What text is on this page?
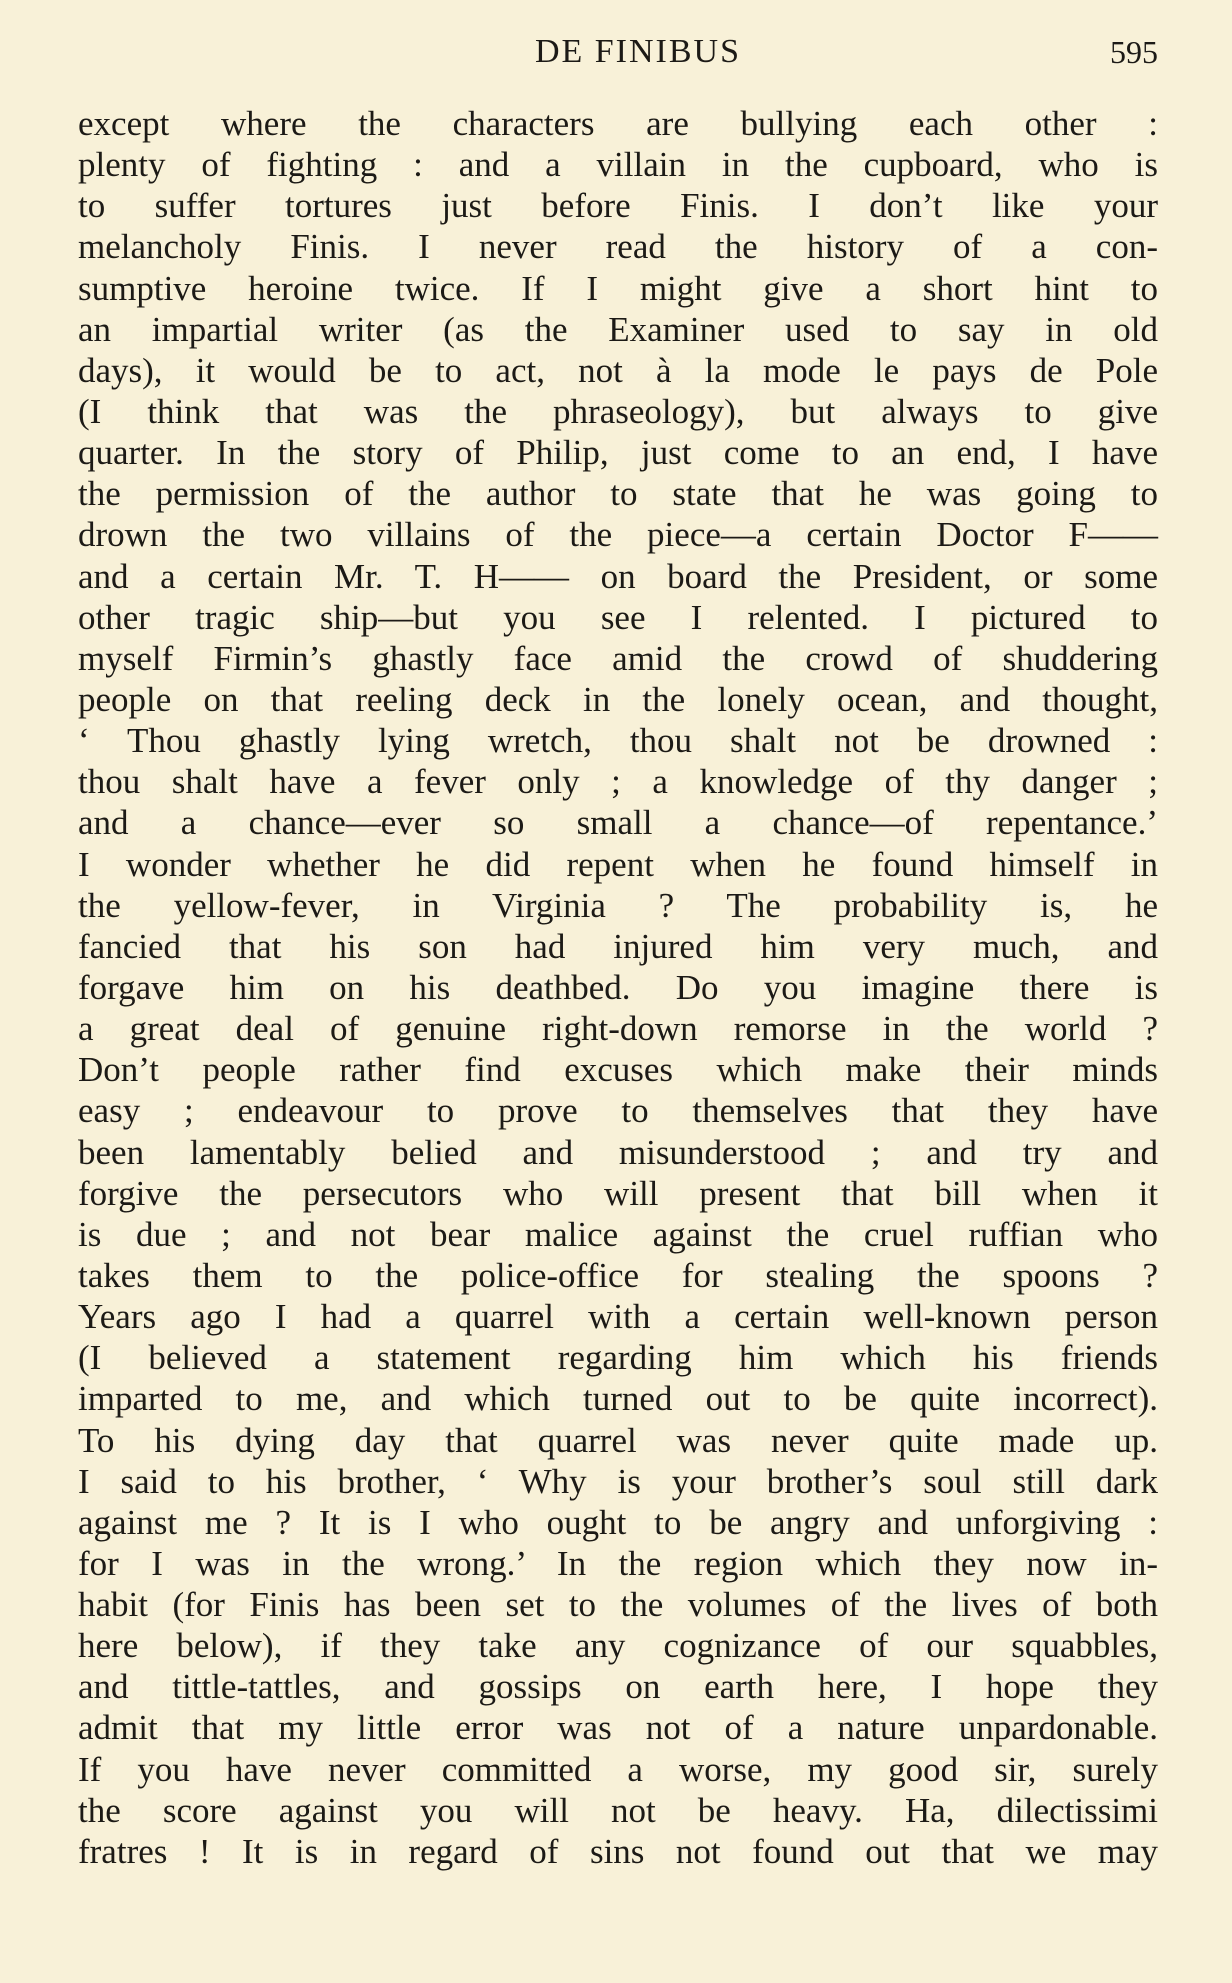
DE FINIBUS	595
except where the characters are bullying each other :
plenty of fighting : and a villain in the cupboard, who is
to suffer tortures just before Finis. I don’t like your
melancholy Finis. I never read the history of a con-
sumptive heroine twice. If I might give a short hint to
an impartial writer (as the Examiner used to say in old
days), it would be to act, not à la mode le pays de Pole
(I think that was the phraseology), but always to give
quarter. In the story of Philip, just come to an end, I have
the permission of the author to state that he was going to
drown the two villains of the piece—a certain Doctor F——
and a certain Mr. T. H—— on board the President, or some
other tragic ship—but you see I relented. I pictured to
myself Firmin’s ghastly face amid the crowd of shuddering
people on that reeling deck in the lonely ocean, and thought,
‘ Thou ghastly lying wretch, thou shalt not be drowned :
thou shalt have a fever only ; a knowledge of thy danger ;
and a chance—ever so small a chance—of repentance.’
I wonder whether he did repent when he found himself in
the yellow-fever, in Virginia ? The probability is, he
fancied that his son had injured him very much, and
forgave him on his deathbed. Do you imagine there is
a great deal of genuine right-down remorse in the world ?
Don’t people rather find excuses which make their minds
easy ; endeavour to prove to themselves that they have
been lamentably belied and misunderstood ; and try and
forgive the persecutors who will present that bill when it
is due ; and not bear malice against the cruel ruffian who
takes them to the police-office for stealing the spoons ?
Years ago I had a quarrel with a certain well-known person
(I believed a statement regarding him which his friends
imparted to me, and which turned out to be quite incorrect).
To his dying day that quarrel was never quite made up.
I said to his brother, ‘ Why is your brother’s soul still dark
against me ? It is I who ought to be angry and unforgiving :
for I was in the wrong.’ In the region which they now in-
habit (for Finis has been set to the volumes of the lives of both
here below), if they take any cognizance of our squabbles,
and tittle-tattles, and gossips on earth here, I hope they
admit that my little error was not of a nature unpardonable.
If you have never committed a worse, my good sir, surely
the score against you will not be heavy. Ha, dilectissimi
fratres ! It is in regard of sins not found out that we may
